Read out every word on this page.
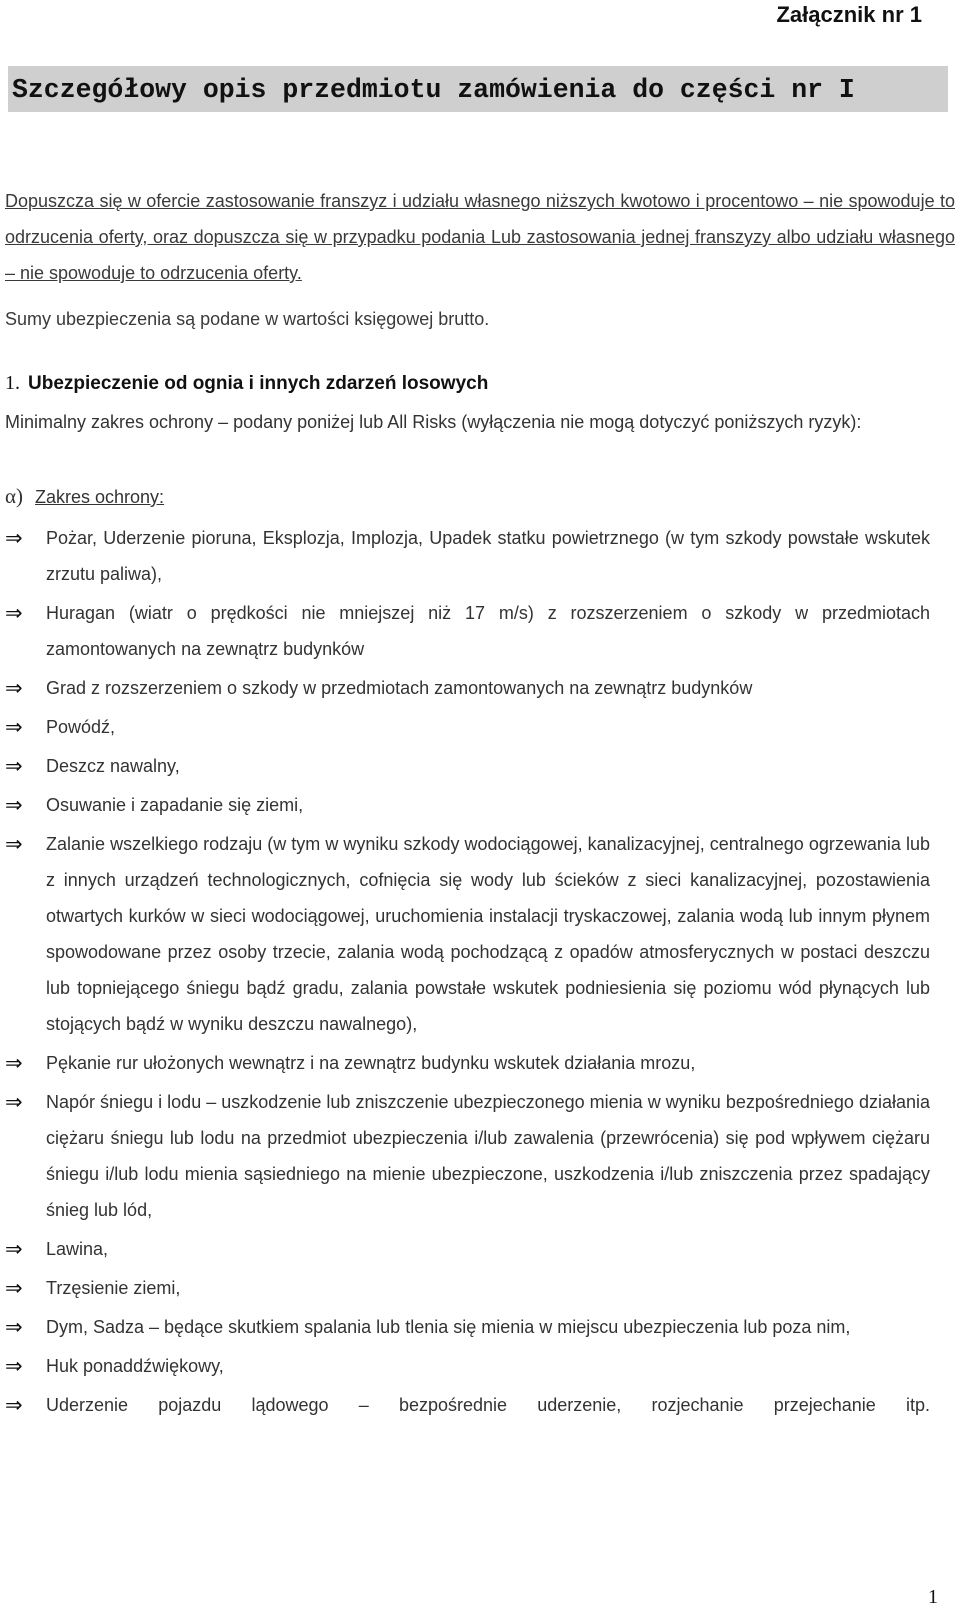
Załącznik nr 1
Szczegółowy opis przedmiotu zamówienia do części nr I
Dopuszcza się w ofercie zastosowanie franszyz i udziału własnego niższych kwotowo i procentowo – nie spowoduje to odrzucenia oferty, oraz dopuszcza się w przypadku podania Lub zastosowania jednej franszyzy albo udziału własnego – nie spowoduje to odrzucenia oferty.
Sumy ubezpieczenia są podane w wartości księgowej brutto.
1. Ubezpieczenie od ognia i innych zdarzeń losowych
Minimalny zakres ochrony – podany poniżej lub All Risks (wyłączenia nie mogą dotyczyć poniższych ryzyk):
α) Zakres ochrony:
⇒ Pożar, Uderzenie pioruna, Eksplozja, Implozja, Upadek statku powietrznego (w tym szkody powstałe wskutek zrzutu paliwa),
⇒ Huragan (wiatr o prędkości nie mniejszej niż 17 m/s) z rozszerzeniem o szkody w przedmiotach zamontowanych na zewnątrz budynków
⇒ Grad z rozszerzeniem o szkody w przedmiotach zamontowanych na zewnątrz budynków
⇒ Powódź,
⇒ Deszcz nawalny,
⇒ Osuwanie i zapadanie się ziemi,
⇒ Zalanie wszelkiego rodzaju (w tym w wyniku szkody wodociągowej, kanalizacyjnej, centralnego ogrzewania lub z innych urządzeń technologicznych, cofnięcia się wody lub ścieków z sieci kanalizacyjnej, pozostawienia otwartych kurków w sieci wodociągowej, uruchomienia instalacji tryskaczowej, zalania wodą lub innym płynem spowodowane przez osoby trzecie, zalania wodą pochodzącą z opadów atmosferycznych w postaci deszczu lub topniejącego śniegu bądź gradu, zalania powstałe wskutek podniesienia się poziomu wód płynących lub stojących bądź w wyniku deszczu nawalnego),
⇒ Pękanie rur ułożonych wewnątrz i na zewnątrz budynku wskutek działania mrozu,
⇒ Napór śniegu i lodu – uszkodzenie lub zniszczenie ubezpieczonego mienia w wyniku bezpośredniego działania ciężaru śniegu lub lodu na przedmiot ubezpieczenia i/lub zawalenia (przewrócenia) się pod wpływem ciężaru śniegu i/lub lodu mienia sąsiedniego na mienie ubezpieczone, uszkodzenia i/lub zniszczenia przez spadający śnieg lub lód,
⇒ Lawina,
⇒ Trzęsienie ziemi,
⇒ Dym, Sadza – będące skutkiem spalania lub tlenia się mienia w miejscu ubezpieczenia lub poza nim,
⇒ Huk ponaddźwiękowy,
⇒ Uderzenie pojazdu lądowego – bezpośrednie uderzenie, rozjechanie przejechanie itp.
1
